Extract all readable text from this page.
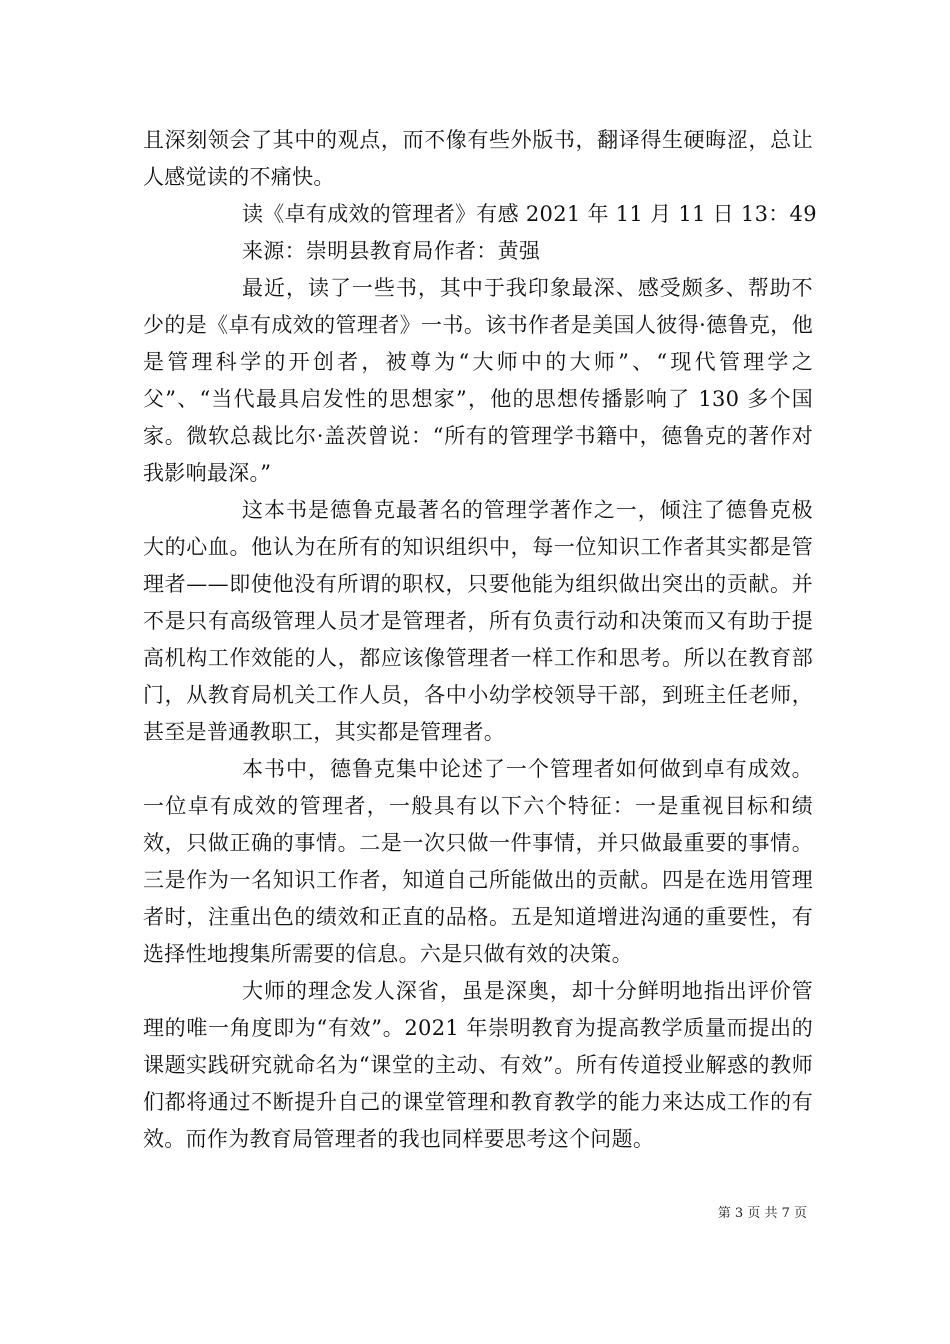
且深刻领会了其中的观点，而不像有些外版书，翻译得生硬晦涩，总让人感觉读的不痛快。

读《卓有成效的管理者》有感 2021 年 11 月 11 日 13：49

来源：崇明县教育局作者：黄强

最近，读了一些书，其中于我印象最深、感受颇多、帮助不少的是《卓有成效的管理者》一书。该书作者是美国人彼得·德鲁克，他是管理科学的开创者，被尊为“大师中的大师”、“现代管理学之父”、“当代最具启发性的思想家”，他的思想传播影响了 130 多个国家。微软总裁比尔·盖茨曾说：“所有的管理学书籍中，德鲁克的著作对我影响最深。”

这本书是德鲁克最著名的管理学著作之一，倾注了德鲁克极大的心血。他认为在所有的知识组织中，每一位知识工作者其实都是管理者——即使他没有所谓的职权，只要他能为组织做出突出的贡献。并不是只有高级管理人员才是管理者，所有负责行动和决策而又有助于提高机构工作效能的人，都应该像管理者一样工作和思考。所以在教育部门，从教育局机关工作人员，各中小幼学校领导干部，到班主任老师，甚至是普通教职工，其实都是管理者。

本书中，德鲁克集中论述了一个管理者如何做到卓有成效。一位卓有成效的管理者，一般具有以下六个特征：一是重视目标和绩效，只做正确的事情。二是一次只做一件事情，并只做最重要的事情。三是作为一名知识工作者，知道自己所能做出的贡献。四是在选用管理者时，注重出色的绩效和正直的品格。五是知道增进沟通的重要性，有选择性地搜集所需要的信息。六是只做有效的决策。

大师的理念发人深省，虽是深奥，却十分鲜明地指出评价管理的唯一角度即为“有效”。2021 年崇明教育为提高教学质量而提出的课题实践研究就命名为“课堂的主动、有效”。所有传道授业解惑的教师们都将通过不断提升自己的课堂管理和教育教学的能力来达成工作的有效。而作为教育局管理者的我也同样要思考这个问题。

第 3 页 共 7 页
